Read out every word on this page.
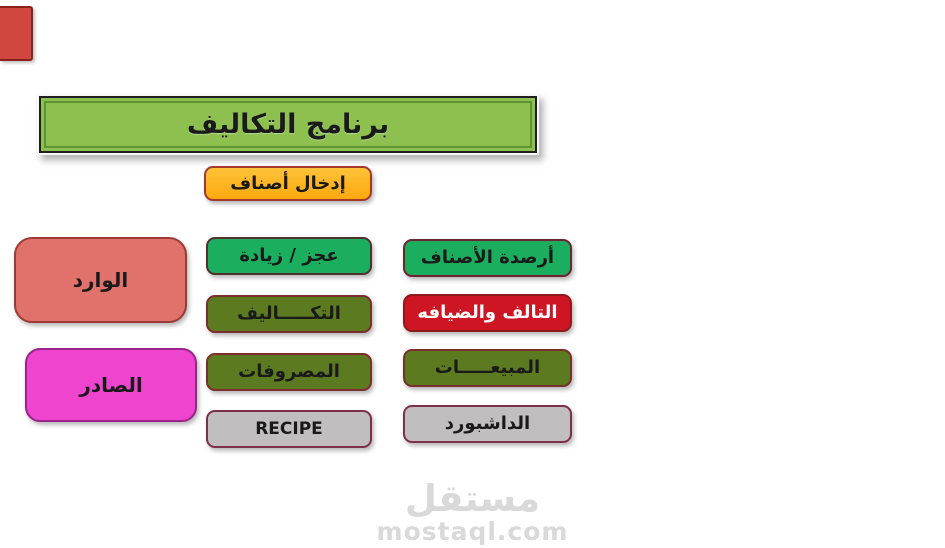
برنامج التكاليف
إدخال أصناف
الوارد
الصادر
عجز / زيادة
التكـــــاليف
المصروفات
RECIPE
أرصدة الأصناف
التالف والضيافه
المبيعـــــات
الداشبورد
مستقل
mostaql.com
